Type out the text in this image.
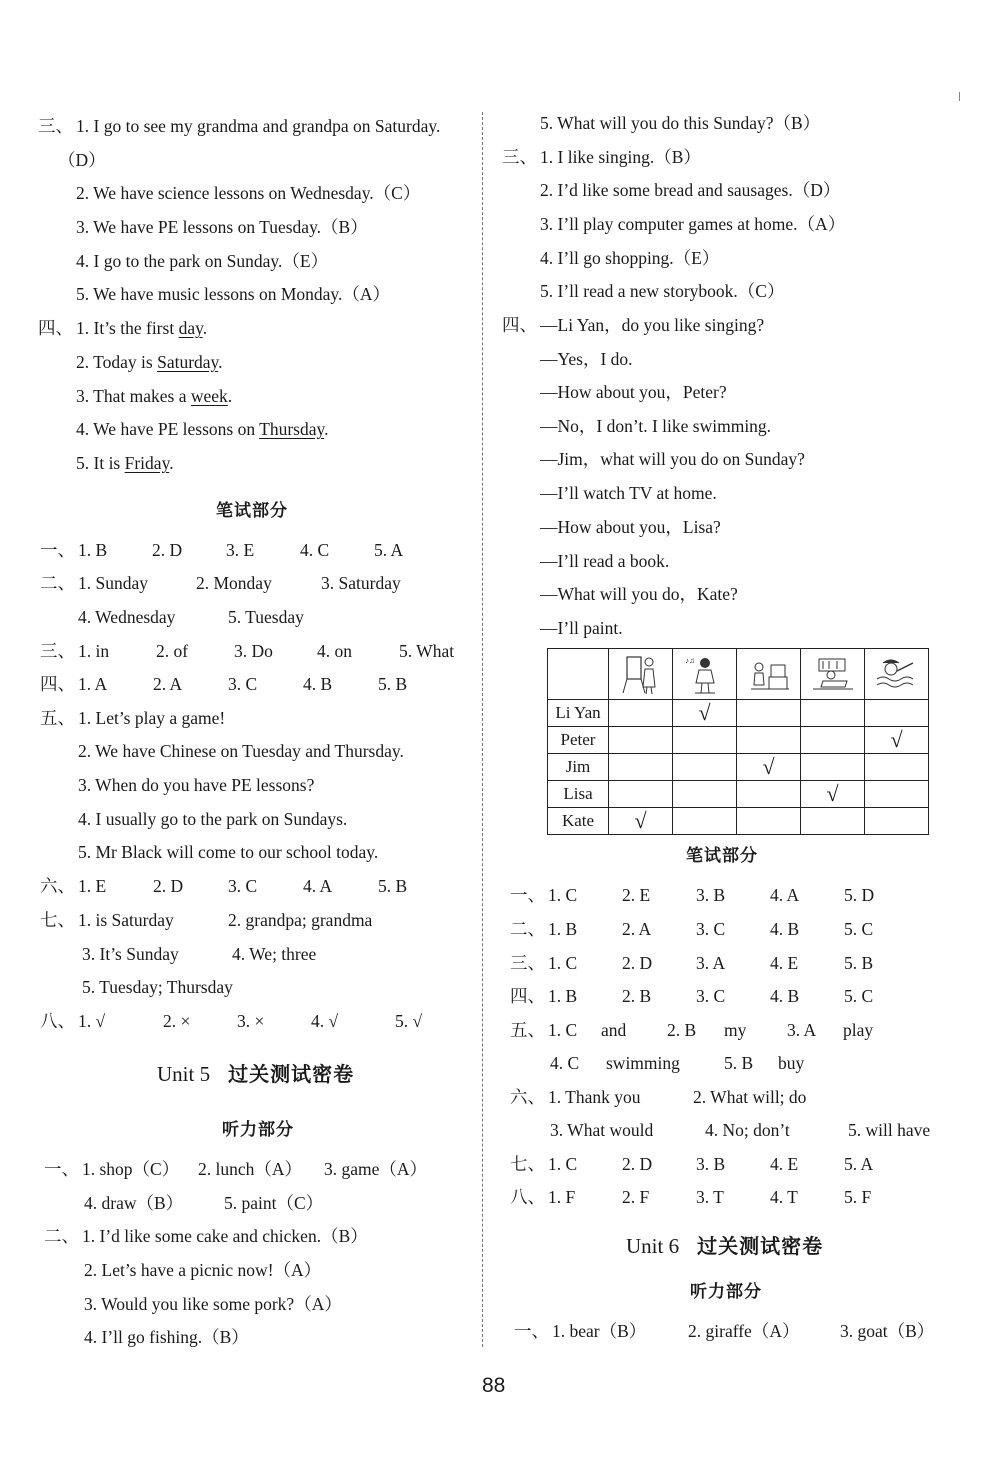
三、 1. I go to see my grandma and grandpa on Saturday.
（D）
2. We have science lessons on Wednesday.（C）
3. We have PE lessons on Tuesday.（B）
4. I go to the park on Sunday.（E）
5. We have music lessons on Monday.（A）
四、 1. It’s the first day.
2. Today is Saturday.
3. That makes a week.
4. We have PE lessons on Thursday.
5. It is Friday.
笔试部分
一、 1. B	2. D	3. E	4. C	5. A
二、 1. Sunday	2. Monday	3. Saturday
4. Wednesday	5. Tuesday
三、 1. in	2. of	3. Do	4. on	5. What
四、 1. A	2. A	3. C	4. B	5. B
五、 1. Let’s play a game!
2. We have Chinese on Tuesday and Thursday.
3. When do you have PE lessons?
4. I usually go to the park on Sundays.
5. Mr Black will come to our school today.
六、 1. E	2. D	3. C	4. A	5. B
七、 1. is Saturday	2. grandpa; grandma
3. It’s Sunday	4. We; three
5. Tuesday; Thursday
八、 1. √	2. ×	3. ×	4. √	5. √
Unit 5 过关测试密卷
听力部分
一、 1. shop（C） 2. lunch（A） 3. game（A）
4. draw（B） 5. paint（C）
二、 1. I’d like some cake and chicken.（B）
2. Let’s have a picnic now!（A）
3. Would you like some pork?（A）
4. I’ll go fishing.（B）
5. What will you do this Sunday?（B）
三、 1. I like singing.（B）
2. I’d like some bread and sausages.（D）
3. I’ll play computer games at home.（A）
4. I’ll go shopping.（E）
5. I’ll read a new storybook.（C）
四、 —Li Yan，do you like singing?
—Yes，I do.
—How about you，Peter?
—No，I don’t. I like swimming.
—Jim，what will you do on Sunday?
—I’ll watch TV at home.
—How about you，Lisa?
—I’ll read a book.
—What will you do，Kate?
—I’ll paint.

♪♫

Li Yan		√			
Peter					√
Jim			√		
Lisa				√	
Kate	√				
笔试部分
一、 1. C	2. E	3. B	4. A	5. D
二、 1. B	2. A	3. C	4. B	5. C
三、 1. C	2. D	3. A	4. E	5. B
四、 1. B	2. B	3. C	4. B	5. C
五、 1. C and 2. B my 3. A play
4. C swimming	5. B buy
六、 1. Thank you	2. What will; do
3. What would	4. No; don’t	5. will have
七、 1. C	2. D	3. B	4. E	5. A
八、 1. F	2. F	3. T	4. T	5. F
Unit 6 过关测试密卷
听力部分
一、 1. bear（B） 2. giraffe（A） 3. goat（B）
88
